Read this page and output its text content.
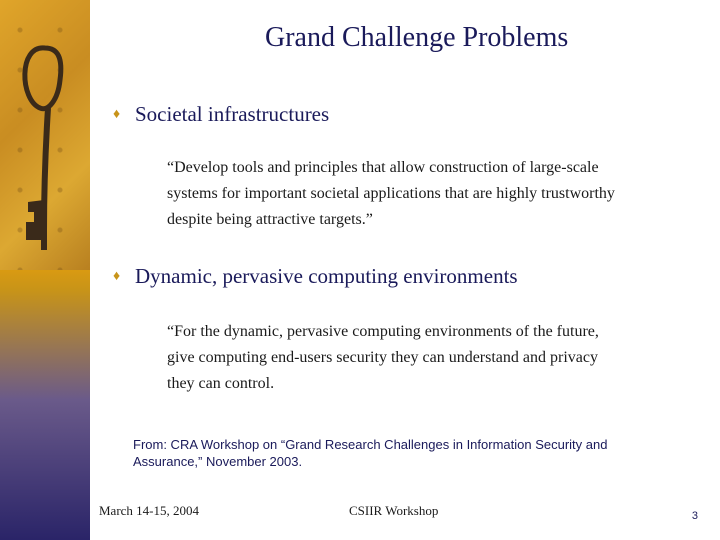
Grand Challenge Problems
♦ Societal infrastructures
“Develop tools and principles that allow construction of large-scale systems for important societal applications that are highly trustworthy despite being attractive targets.”
♦ Dynamic, pervasive computing environments
“For the dynamic, pervasive computing environments of the future, give computing end-users security they can understand and privacy they can control.
From: CRA Workshop on “Grand Research Challenges in Information Security and Assurance,” November 2003.
March 14-15, 2004	CSIIR Workshop	3
